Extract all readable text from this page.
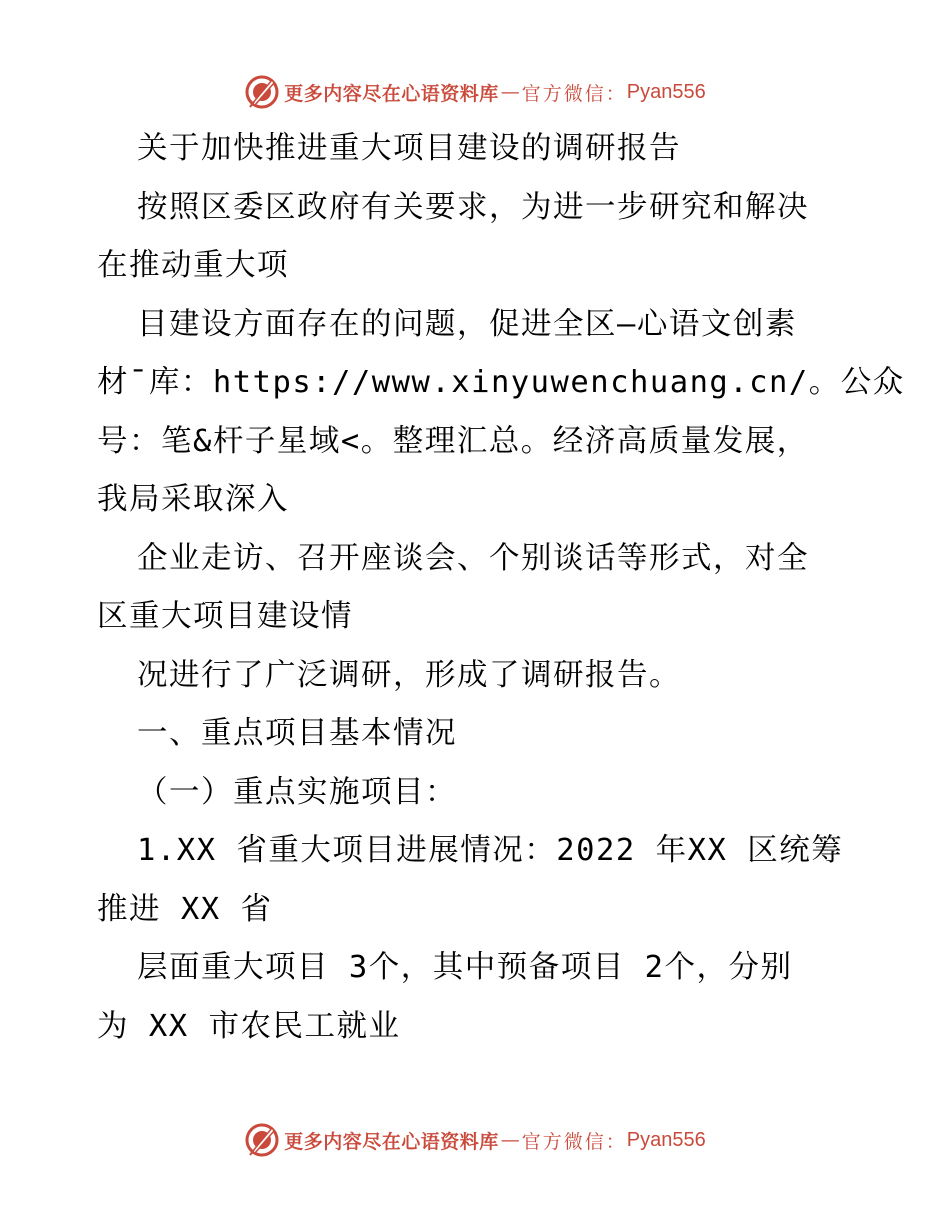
更多内容尽在心语资料库 — 官方微信： Pyan556
关于加快推进重大项目建设的调研报告
按照区委区政府有关要求，为进一步研究和解决
在推动重大项
目建设方面存在的问题，促进全区—心语文创素
材¯库：https://www.xinyuwenchuang.cn/。公众
号：笔&杆子星域<。整理汇总。经济高质量发展，
我局采取深入
企业走访、召开座谈会、个别谈话等形式，对全
区重大项目建设情
况进行了广泛调研，形成了调研报告。
一、重点项目基本情况
（一）重点实施项目：
1.XX 省重大项目进展情况：2022 年XX 区统筹
推进 XX 省
层面重大项目 3个，其中预备项目 2个，分别
为 XX 市农民工就业
更多内容尽在心语资料库 — 官方微信： Pyan556
